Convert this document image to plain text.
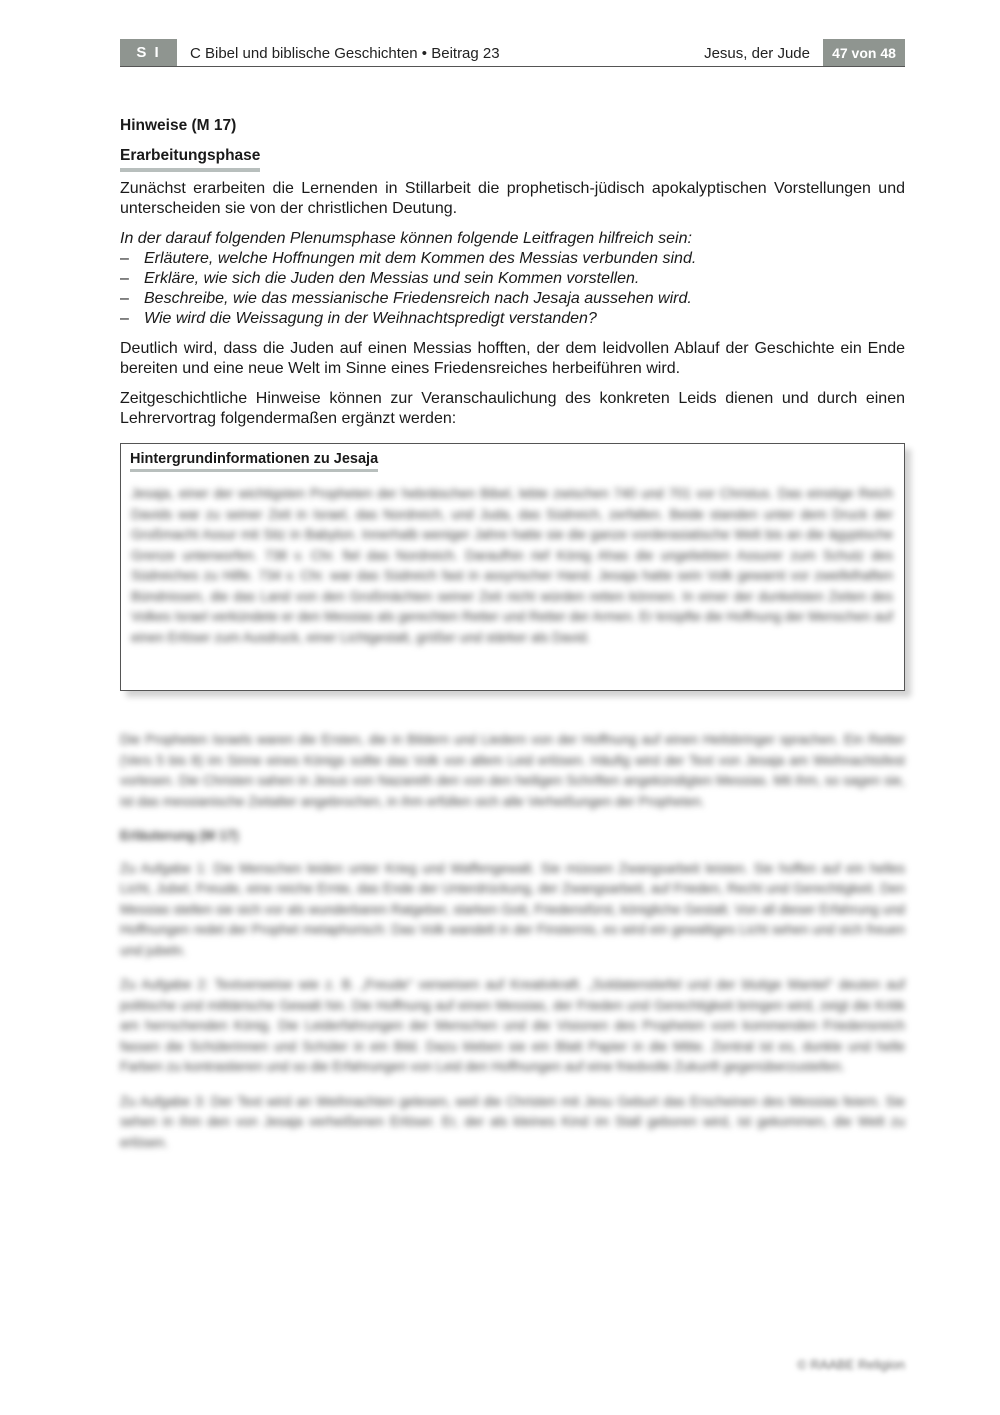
S I	C Bibel und biblische Geschichten • Beitrag 23	Jesus, der Jude	47 von 48
Hinweise (M 17)
Erarbeitungsphase

Zunächst erarbeiten die Lernenden in Stillarbeit die prophetisch-jüdisch apokalyptischen Vorstellungen und unterscheiden sie von der christlichen Deutung.

In der darauf folgenden Plenumsphase können folgende Leitfragen hilfreich sein:
– Erläutere, welche Hoffnungen mit dem Kommen des Messias verbunden sind.
– Erkläre, wie sich die Juden den Messias und sein Kommen vorstellen.
– Beschreibe, wie das messianische Friedensreich nach Jesaja aussehen wird.
– Wie wird die Weissagung in der Weihnachtspredigt verstanden?

Deutlich wird, dass die Juden auf einen Messias hofften, der dem leidvollen Ablauf der Geschichte ein Ende bereiten und eine neue Welt im Sinne eines Friedensreiches herbeiführen wird.

Zeitgeschichtliche Hinweise können zur Veranschaulichung des konkreten Leids dienen und durch einen Lehrervortrag folgendermaßen ergänzt werden:

Hintergrundinformationen zu Jesaja
Jesaja, einer der wichtigsten Propheten der hebräischen Bibel, lebte zwischen 740 und 701 vor Christus. Das einstige Reich Davids war zu seiner Zeit in Israel, das Nordreich, und Juda, das Südreich, zerfallen. Beide standen unter dem Druck der Großmacht Assur mit Sitz in Babylon. Innerhalb weniger Jahre hatte sie die ganze vorderasiatische Welt bis an die ägyptische Grenze unterworfen. 738 v. Chr. fiel das Nordreich. Daraufhin rief König Ahas die ungeliebten Assurer zum Schutz des Südreiches zu Hilfe. 734 v. Chr. war das Südreich fast in assyrischer Hand. Jesaja hatte sein Volk gewarnt vor zweifelhaften Bündnissen, die das Land von den Großmächten seiner Zeit nicht würden retten können. In einer der dunkelsten Zeiten des Volkes Israel verkündete er den Messias als gerechten Retter und Retter der Armen. Er knüpfte die Hoffnung der Menschen auf einen Erlöser zum Ausdruck, einer Lichtgestalt, größer und stärker als David.

Die Propheten Israels waren die Ersten, die in Bildern und Liedern von der Hoffnung auf einen Heilsbringer sprachen. Ein Retter (Vers 5 bis 8) im Sinne eines Königs sollte das Volk von allem Leid erlösen. Häufig wird der Text von Jesaja am Weihnachtsfest vorlesen. Die Christen sahen in Jesus von Nazareth den von den heiligen Schriften angekündigten Messias. Mit ihm, so sagen sie, ist das messianische Zeitalter angebrochen, in ihm erfüllen sich alle Verheißungen der Propheten.

Erläuterung (M 17)

Zu Aufgabe 1: Die Menschen leiden unter Krieg und Waffengewalt. Sie müssen Zwangsarbeit leisten. Sie hoffen auf ein helles Licht, Jubel, Freude, eine reiche Ernte, das Ende der Unterdrückung, der Zwangsarbeit, auf Frieden, Recht und Gerechtigkeit. Den Messias stellen sie sich vor als wunderbaren Ratgeber, starken Gott, Friedensfürst, königliche Gestalt. Von all dieser Erfahrung und Hoffnungen redet der Prophet metaphorisch: Das Volk wandelt in der Finsternis, es wird ein gewaltiges Licht sehen und sich freuen und jubeln.

Zu Aufgabe 2: Textverweise wie z. B. „Freude“ verweisen auf Kreativkraft. „Soldatenstiefel und der blutige Mantel“ deuten auf politische und militärische Gewalt hin. Die Hoffnung auf einen Messias, der Frieden und Gerechtigkeit bringen wird, zeigt die Kritik am herrschenden König. Die Leiderfahrungen der Menschen und die Visionen des Propheten vom kommenden Friedensreich fassen die Schülerinnen und Schüler in ein Bild. Dazu kleben sie ein Blatt Papier in die Mitte. Zentral ist es, dunkle und helle Farben zu kontrastieren und so die Erfahrungen von Leid den Hoffnungen auf eine friedvolle Zukunft gegenüberzustellen.

Zu Aufgabe 3: Der Text wird an Weihnachten gelesen, weil die Christen mit Jesu Geburt das Erscheinen des Messias feiern. Sie sehen in ihm den von Jesaja verheißenen Erlöser. Er, der als kleines Kind im Stall geboren wird, ist gekommen, die Welt zu erlösen.

© RAABE Religion
